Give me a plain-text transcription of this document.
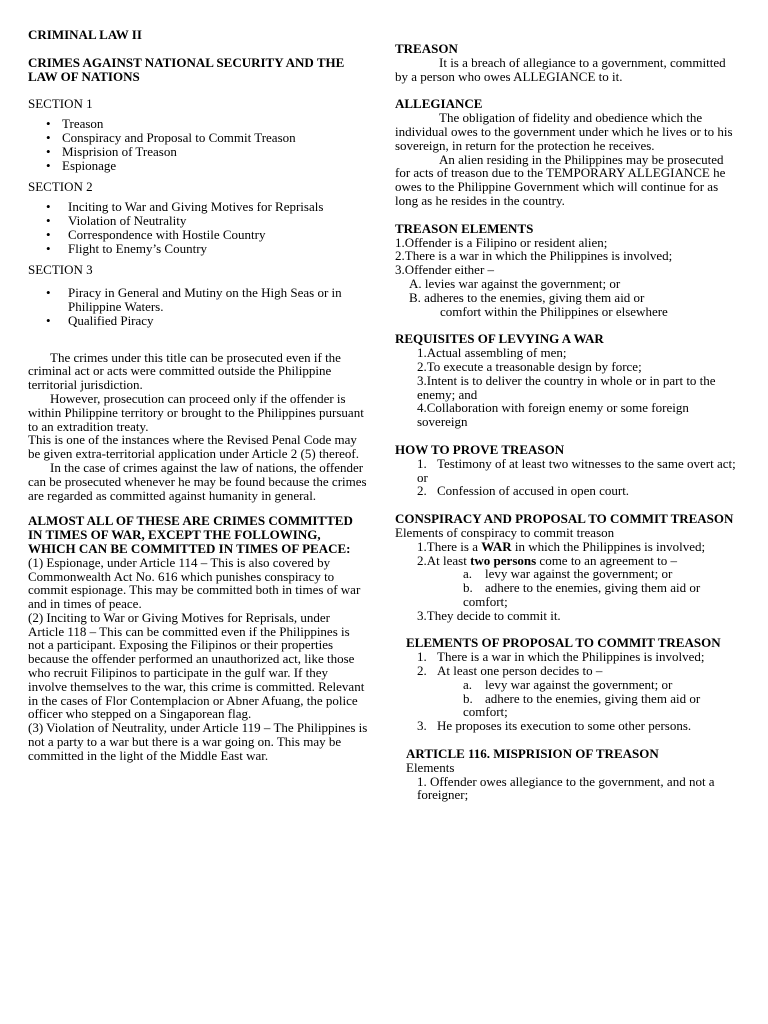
CRIMINAL LAW II

CRIMES AGAINST NATIONAL SECURITY AND THE LAW OF NATIONS

SECTION 1

• Treason
• Conspiracy and Proposal to Commit Treason
• Misprision of Treason
• Espionage

SECTION 2

• Inciting to War and Giving Motives for Reprisals
• Violation of Neutrality
• Correspondence with Hostile Country
• Flight to Enemy’s Country

SECTION 3

• Piracy in General and Mutiny on the High Seas or in Philippine Waters.
• Qualified Piracy

The crimes under this title can be prosecuted even if the criminal act or acts were committed outside the Philippine territorial jurisdiction.

However, prosecution can proceed only if the offender is within Philippine territory or brought to the Philippines pursuant to an extradition treaty.

This is one of the instances where the Revised Penal Code may be given extra-territorial application under Article 2 (5) thereof.

In the case of crimes against the law of nations, the offender can be prosecuted whenever he may be found because the crimes are regarded as committed against humanity in general.

ALMOST ALL OF THESE ARE CRIMES COMMITTED IN TIMES OF WAR, EXCEPT THE FOLLOWING, WHICH CAN BE COMMITTED IN TIMES OF PEACE:

(1) Espionage, under Article 114 – This is also covered by Commonwealth Act No. 616 which punishes conspiracy to commit espionage. This may be committed both in times of war and in times of peace.

(2) Inciting to War or Giving Motives for Reprisals, under Article 118 – This can be committed even if the Philippines is not a participant. Exposing the Filipinos or their properties because the offender performed an unauthorized act, like those who recruit Filipinos to participate in the gulf war. If they involve themselves to the war, this crime is committed. Relevant in the cases of Flor Contemplacion or Abner Afuang, the police officer who stepped on a Singaporean flag.

(3) Violation of Neutrality, under Article 119 – The Philippines is not a party to a war but there is a war going on. This may be committed in the light of the Middle East war.

TREASON

It is a breach of allegiance to a government, committed by a person who owes ALLEGIANCE to it.

ALLEGIANCE

The obligation of fidelity and obedience which the individual owes to the government under which he lives or to his sovereign, in return for the protection he receives.

An alien residing in the Philippines may be prosecuted for acts of treason due to the TEMPORARY ALLEGIANCE he owes to the Philippine Government which will continue for as long as he resides in the country.

TREASON ELEMENTS

1.Offender is a Filipino or resident alien;

2.There is a war in which the Philippines is involved;

3.Offender either –

A. levies war against the government; or

B. adheres to the enemies, giving them aid or

comfort within the Philippines or elsewhere

REQUISITES OF LEVYING A WAR

1.Actual assembling of men;

2.To execute a treasonable design by force;

3.Intent is to deliver the country in whole or in part to the enemy; and

4.Collaboration with foreign enemy or some foreign sovereign

HOW TO PROVE TREASON

1. Testimony of at least two witnesses to the same overt act; or

2. Confession of accused in open court.

CONSPIRACY AND PROPOSAL TO COMMIT TREASON

Elements of conspiracy to commit treason

1.There is a WAR in which the Philippines is involved;

2.At least two persons come to an agreement to –

a. levy war against the government; or

b. adhere to the enemies, giving them aid or comfort;

3.They decide to commit it.

ELEMENTS OF PROPOSAL TO COMMIT TREASON

1. There is a war in which the Philippines is involved;

2. At least one person decides to –

a. levy war against the government; or

b. adhere to the enemies, giving them aid or comfort;

3. He proposes its execution to some other persons.

ARTICLE 116. MISPRISION OF TREASON

Elements

1. Offender owes allegiance to the government, and not a foreigner;
